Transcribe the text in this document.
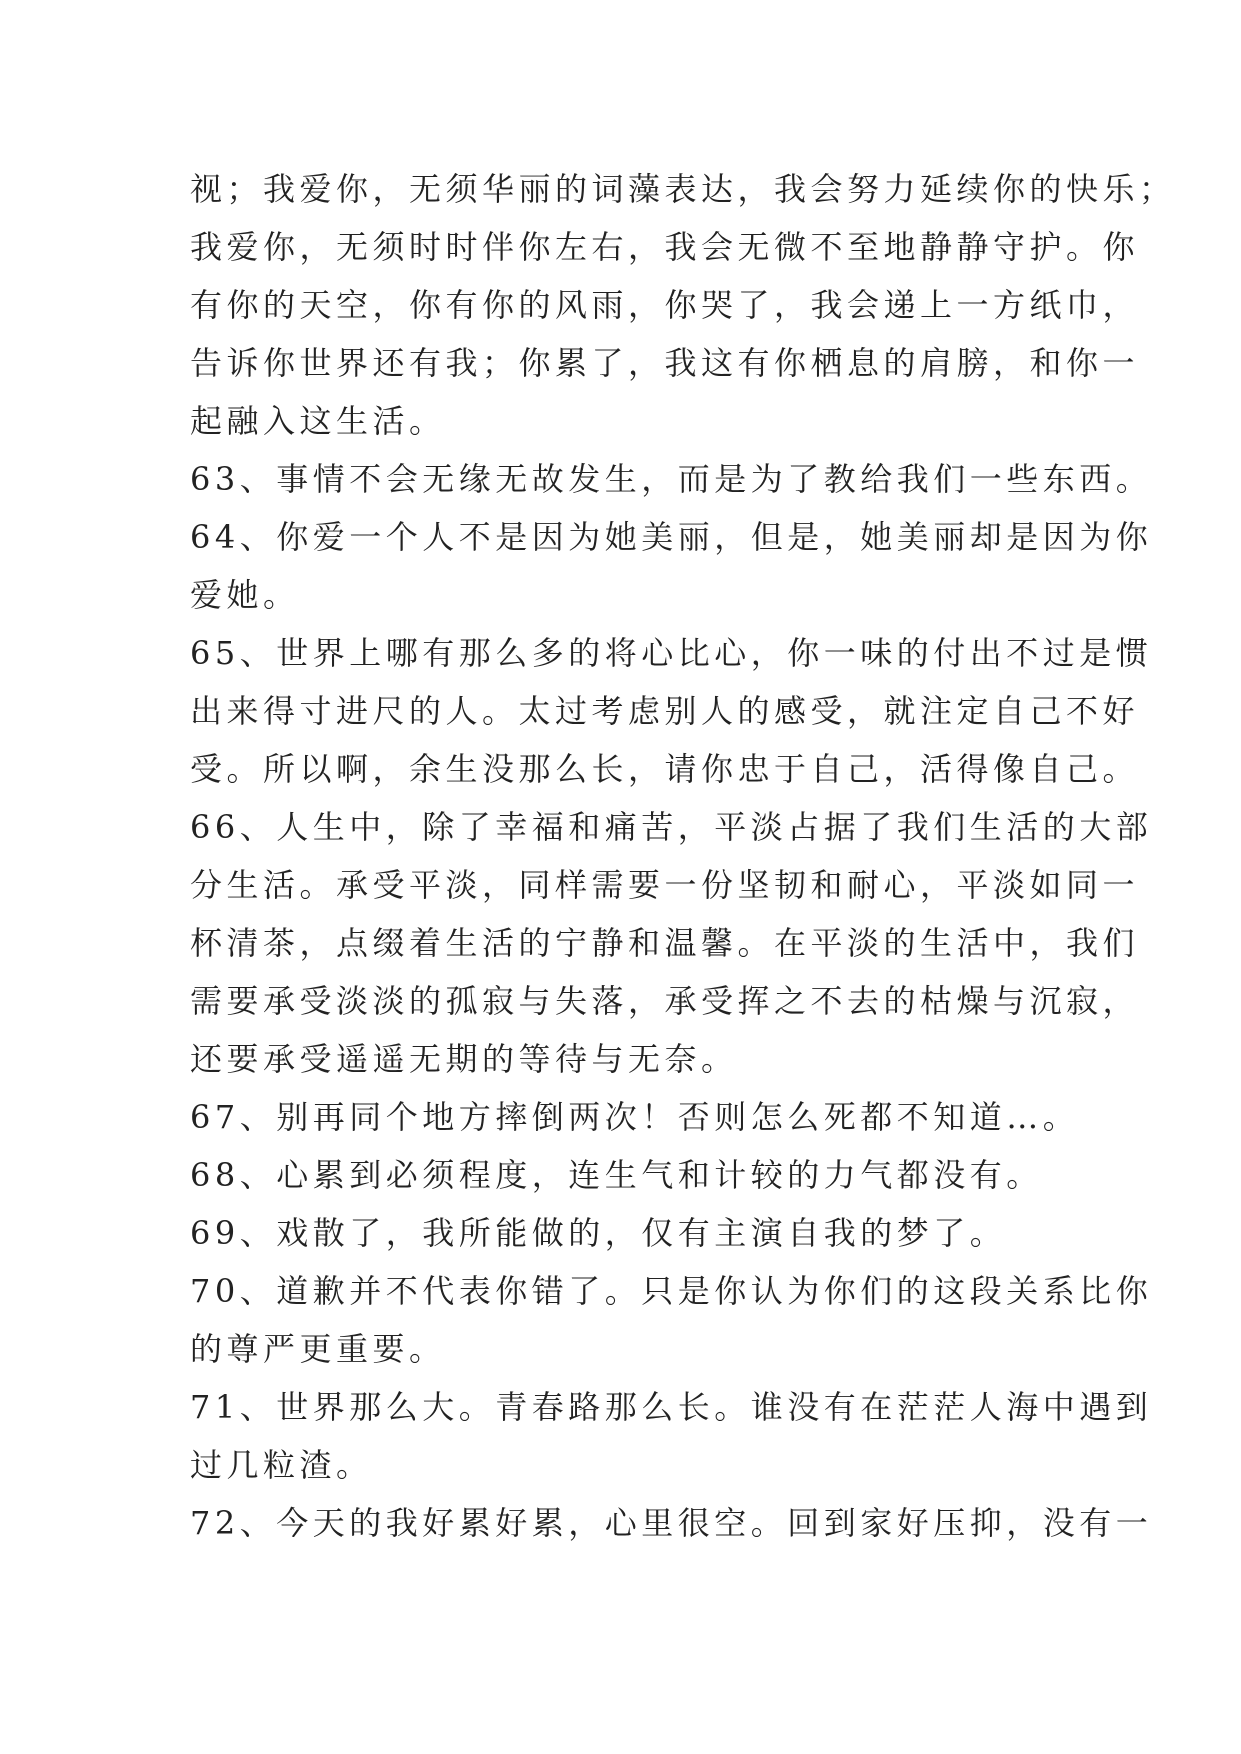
视；我爱你，无须华丽的词藻表达，我会努力延续你的快乐；
我爱你，无须时时伴你左右，我会无微不至地静静守护。你
有你的天空，你有你的风雨，你哭了，我会递上一方纸巾，
告诉你世界还有我；你累了，我这有你栖息的肩膀，和你一
起融入这生活。
63、事情不会无缘无故发生，而是为了教给我们一些东西。
64、你爱一个人不是因为她美丽，但是，她美丽却是因为你
爱她。
65、世界上哪有那么多的将心比心，你一味的付出不过是惯
出来得寸进尺的人。太过考虑别人的感受，就注定自己不好
受。所以啊，余生没那么长，请你忠于自己，活得像自己。
66、人生中，除了幸福和痛苦，平淡占据了我们生活的大部
分生活。承受平淡，同样需要一份坚韧和耐心，平淡如同一
杯清茶，点缀着生活的宁静和温馨。在平淡的生活中，我们
需要承受淡淡的孤寂与失落，承受挥之不去的枯燥与沉寂，
还要承受遥遥无期的等待与无奈。
67、别再同个地方摔倒两次！否则怎么死都不知道…。
68、心累到必须程度，连生气和计较的力气都没有。
69、戏散了，我所能做的，仅有主演自我的梦了。
70、道歉并不代表你错了。只是你认为你们的这段关系比你
的尊严更重要。
71、世界那么大。青春路那么长。谁没有在茫茫人海中遇到
过几粒渣。
72、今天的我好累好累，心里很空。回到家好压抑，没有一
